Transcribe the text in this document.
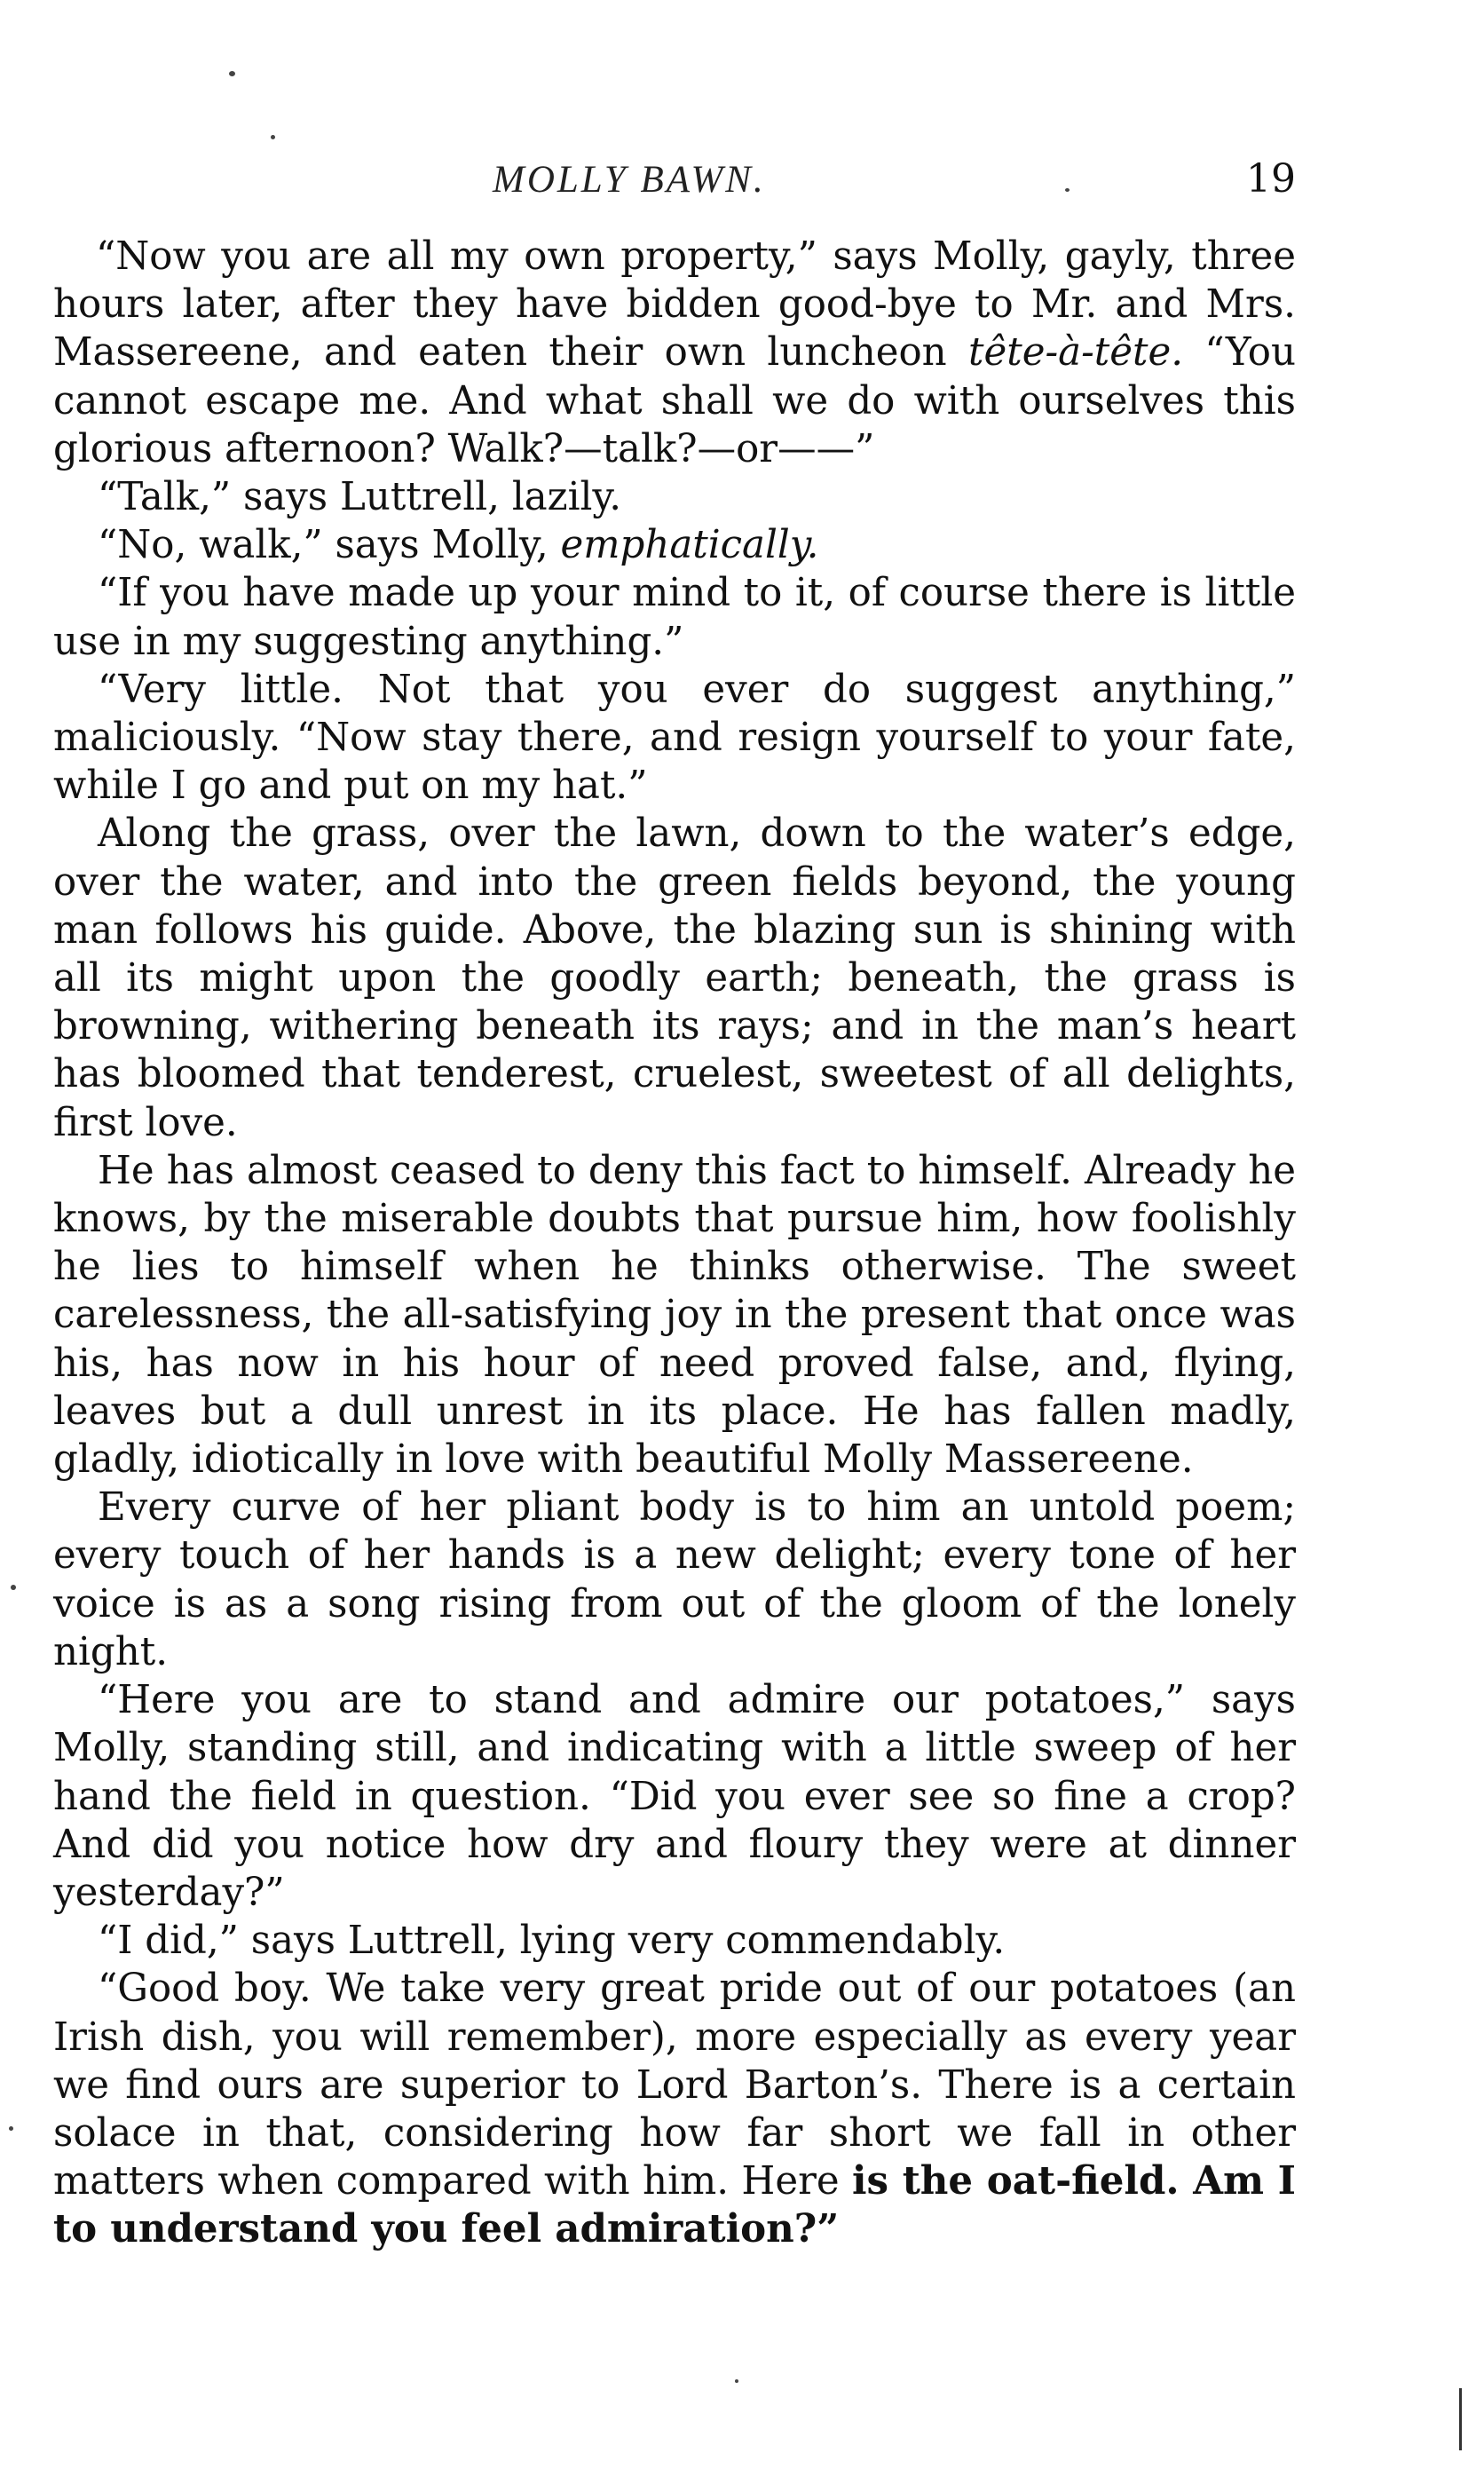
MOLLY BAWN.	19

“Now you are all my own property,” says Molly, gayly, three hours later, after they have bidden good-bye to Mr. and Mrs. Massereene, and eaten their own luncheon tête-à-tête. “You cannot escape me. And what shall we do with ourselves this glorious afternoon? Walk?—talk?—or——”

“Talk,” says Luttrell, lazily.

“No, walk,” says Molly, emphatically.

“If you have made up your mind to it, of course there is little use in my suggesting anything.”

“Very little. Not that you ever do suggest anything,” maliciously. “Now stay there, and resign yourself to your fate, while I go and put on my hat.”

Along the grass, over the lawn, down to the water’s edge, over the water, and into the green fields beyond, the young man follows his guide. Above, the blazing sun is shining with all its might upon the goodly earth; beneath, the grass is browning, withering beneath its rays; and in the man’s heart has bloomed that tenderest, cruelest, sweetest of all delights, first love.

He has almost ceased to deny this fact to himself. Already he knows, by the miserable doubts that pursue him, how foolishly he lies to himself when he thinks otherwise. The sweet carelessness, the all-satisfying joy in the present that once was his, has now in his hour of need proved false, and, flying, leaves but a dull unrest in its place. He has fallen madly, gladly, idiotically in love with beautiful Molly Massereene.

Every curve of her pliant body is to him an untold poem; every touch of her hands is a new delight; every tone of her voice is as a song rising from out of the gloom of the lonely night.

“Here you are to stand and admire our potatoes,” says Molly, standing still, and indicating with a little sweep of her hand the field in question. “Did you ever see so fine a crop? And did you notice how dry and floury they were at dinner yesterday?”

“I did,” says Luttrell, lying very commendably.

“Good boy. We take very great pride out of our potatoes (an Irish dish, you will remember), more especially as every year we find ours are superior to Lord Barton’s. There is a certain solace in that, considering how far short we fall in other matters when compared with him. Here is the oat-field. Am I to understand you feel admiration?”
